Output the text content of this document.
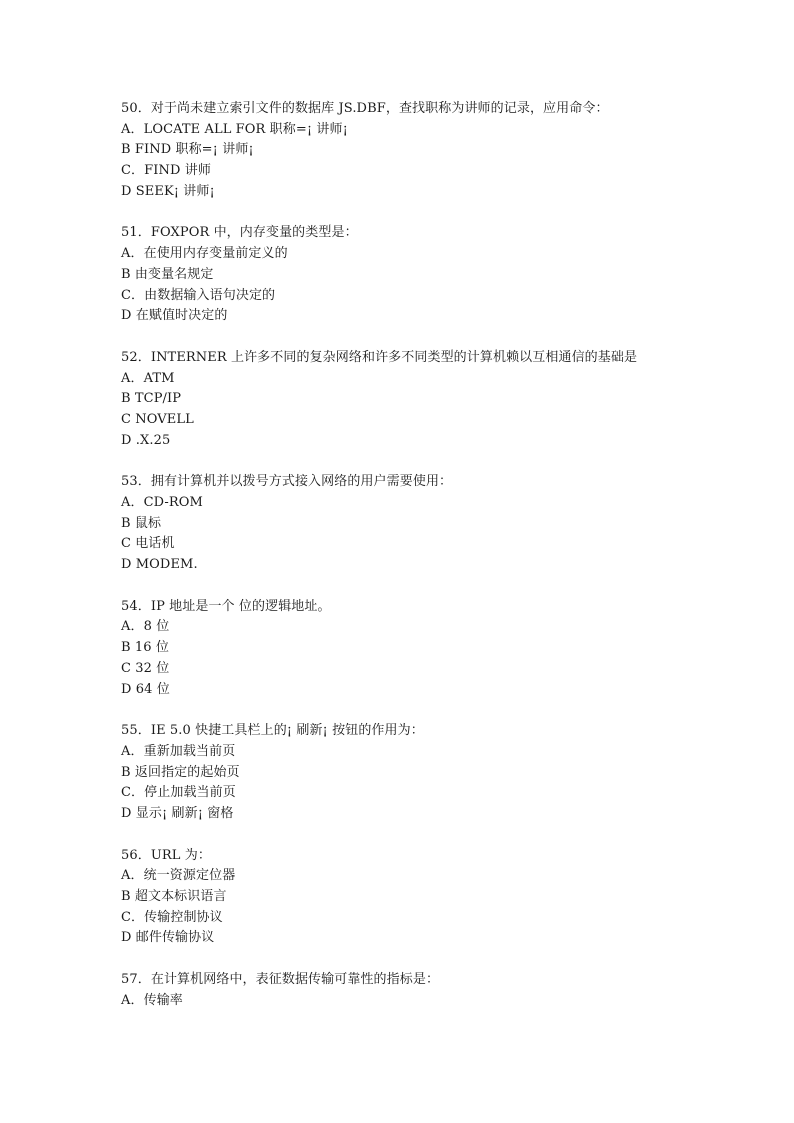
50．对于尚未建立索引文件的数据库 JS.DBF，查找职称为讲师的记录，应用命令：
A．LOCATE ALL FOR 职称=¡ 讲师¡
B FIND 职称=¡ 讲师¡
C．FIND 讲师
D SEEK¡ 讲师¡
51．FOXPOR 中，内存变量的类型是：
A．在使用内存变量前定义的
B 由变量名规定
C．由数据输入语句决定的
D 在赋值时决定的
52．INTERNER 上许多不同的复杂网络和许多不同类型的计算机赖以互相通信的基础是
A．ATM
B TCP/IP
C NOVELL
D .X.25
53．拥有计算机并以拨号方式接入网络的用户需要使用：
A．CD-ROM
B 鼠标
C 电话机
D MODEM.
54．IP 地址是一个 位的逻辑地址。
A．8 位
B 16 位
C 32 位
D 64 位
55．IE 5.0 快捷工具栏上的¡ 刷新¡ 按钮的作用为：
A．重新加载当前页
B 返回指定的起始页
C．停止加载当前页
D 显示¡ 刷新¡ 窗格
56．URL 为：
A．统一资源定位器
B 超文本标识语言
C．传输控制协议
D 邮件传输协议
57．在计算机网络中，表征数据传输可靠性的指标是：
A．传输率
